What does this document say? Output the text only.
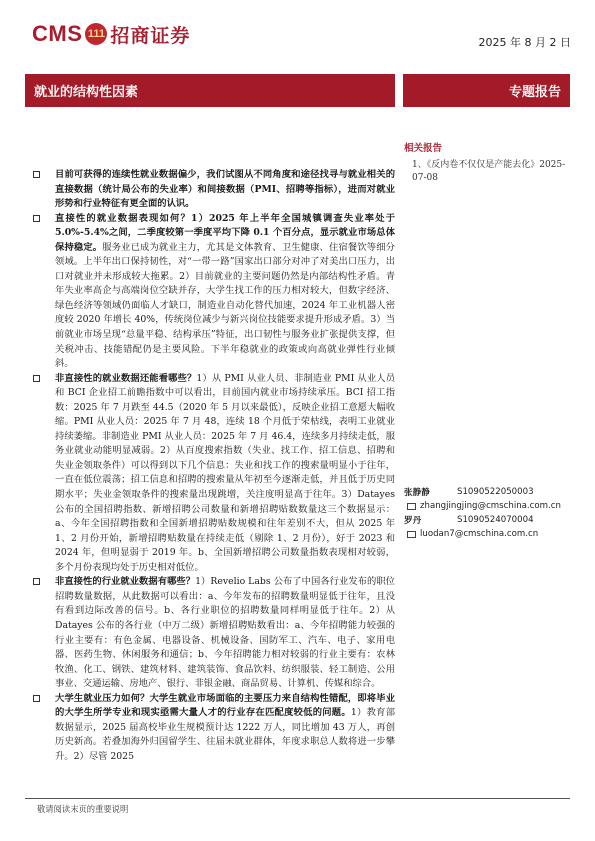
CMS 111 招商证券	2025 年 8 月 2 日
就业的结构性因素	专题报告
相关报告
1、《反内卷不仅仅是产能去化》2025-07-08
张静静	S1090522050003
zhangjingjing@cmschina.com.cn
罗丹	S1090524070004
luodan7@cmschina.com.cn
目前可获得的连续性就业数据偏少，我们试图从不同角度和途径找寻与就业相关的直接数据（统计局公布的失业率）和间接数据（PMI、招聘等指标），进而对就业形势和行业特征有更全面的认识。
直接性的就业数据表现如何？1）2025 年上半年全国城镇调查失业率处于 5.0%-5.4%之间，二季度较第一季度平均下降 0.1 个百分点，显示就业市场总体保持稳定。服务业已成为就业主力，尤其是文体教育、卫生健康、住宿餐饮等细分领域。上半年出口保持韧性，对“一带一路”国家出口部分对冲了对美出口压力，出口对就业并未形成较大拖累。2）目前就业的主要问题仍然是内部结构性矛盾。青年失业率高企与高端岗位空缺并存，大学生找工作的压力相对较大，但数字经济、绿色经济等领域仍面临人才缺口，制造业自动化替代加速，2024 年工业机器人密度较 2020 年增长 40%，传统岗位减少与新兴岗位技能要求提升形成矛盾。3）当前就业市场呈现“总量平稳、结构承压”特征，出口韧性与服务业扩张提供支撑，但关税冲击、技能错配仍是主要风险。下半年稳就业的政策或向高就业弹性行业倾斜。
非直接性的就业数据还能看哪些？1）从 PMI 从业人员、非制造业 PMI 从业人员和 BCI 企业招工前瞻指数中可以看出，目前国内就业市场持续承压。BCI 招工指数：2025 年 7 月跌至 44.5（2020 年 5 月以来最低），反映企业招工意愿大幅收缩。PMI 从业人员：2025 年 7 月 48，连续 18 个月低于荣枯线，表明工业就业持续萎缩。非制造业 PMI 从业人员：2025 年 7 月 46.4，连续多月持续走低，服务业就业动能明显减弱。2）从百度搜索指数（失业、找工作、招工信息、招聘和失业金领取条件）可以得到以下几个信息：失业和找工作的搜索量明显小于往年，一直在低位震荡；招工信息和招聘的搜索量从年初至今逐渐走低，并且低于历史同期水平；失业金领取条件的搜索量出现跳增，关注度明显高于往年。3）Datayes 公布的全国招聘指数、新增招聘公司数量和新增招聘贴数数量这三个数据显示：a、今年全国招聘指数和全国新增招聘贴数规模和往年差别不大，但从 2025 年 1、2 月份开始，新增招聘贴数量在持续走低（剔除 1、2 月份），好于 2023 和 2024 年，但明显弱于 2019 年。b、全国新增招聘公司数量指数表现相对较弱，多个月份表现均处于历史相对低位。
非直接性的行业就业数据有哪些？1）Revelio Labs 公布了中国各行业发布的职位招聘数量数据，从此数据可以看出：a、今年发布的招聘数量明显低于往年，且没有看到边际改善的信号。b、各行业职位的招聘数量同样明显低于往年。2）从 Datayes 公布的各行业（中万二级）新增招聘贴数看出：a、今年招聘能力较强的行业主要有：有色金属、电器设备、机械设备、国防军工、汽车、电子、家用电器、医药生物、休闲服务和通信；b、今年招聘能力相对较弱的行业主要有：农林牧渔、化工、钢铁、建筑材料、建筑装饰、食品饮料、纺织服装、轻工制造、公用事业、交通运输、房地产、银行、非银金融、商品贸易、计算机、传媒和综合。
大学生就业压力如何？大学生就业市场面临的主要压力来自结构性错配，即将毕业的大学生所学专业和现实亟需大量人才的行业存在匹配度较低的问题。1）教育部数据显示，2025 届高校毕业生规模预计达 1222 万人，同比增加 43 万人，再创历史新高。若叠加海外归国留学生、往届未就业群体，年度求职总人数将进一步攀升。2）尽管 2025
敬请阅读末页的重要说明
